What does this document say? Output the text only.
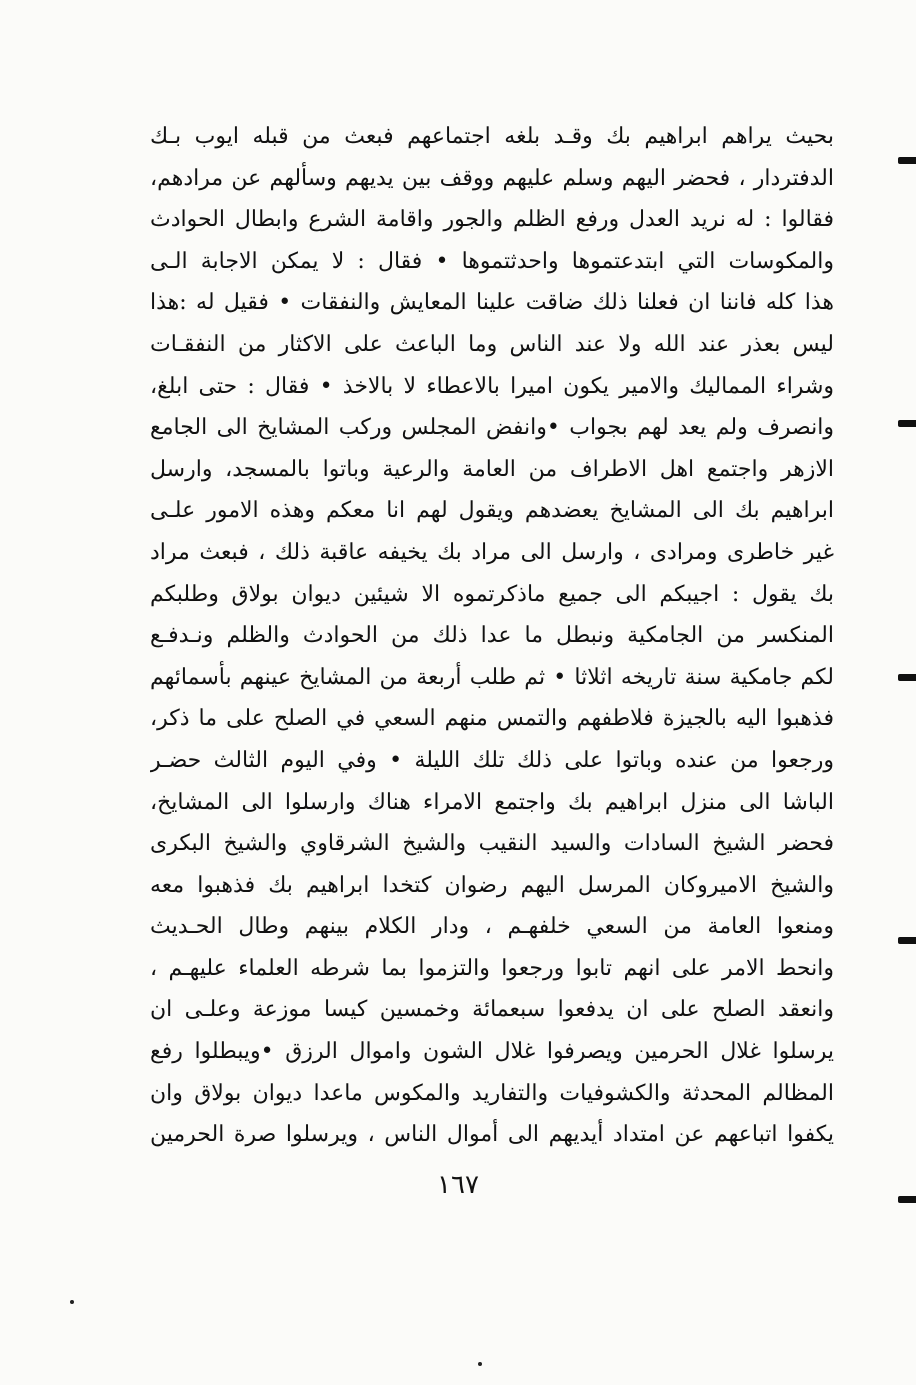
بحيث يراهم ابراهيم بك وقـد بلغه اجتماعهم فبعث من قبله ايوب بـك
الدفتردار ، فحضر اليهم وسلم عليهم ووقف بين يديهم وسألهم عن مرادهم،
فقالوا : له نريد العدل ورفع الظلم والجور واقامة الشرع وابطال الحوادث
والمكوسات التي ابتدعتموها واحدثتموها • فقال : لا يمكن الاجابة الـى
هذا كله فاننا ان فعلنا ذلك ضاقت علينا المعايش والنفقات • فقيل له :هذا
ليس بعذر عند الله ولا عند الناس وما الباعث على الاكثار من النفقـات
وشراء المماليك والامير يكون اميرا بالاعطاء لا بالاخذ • فقال : حتى ابلغ،
وانصرف ولم يعد لهم بجواب •وانفض المجلس وركب المشايخ الى الجامع
الازهر واجتمع اهل الاطراف من العامة والرعية وباتوا بالمسجد، وارسل
ابراهيم بك الى المشايخ يعضدهم ويقول لهم انا معكم وهذه الامور علـى
غير خاطرى ومرادى ، وارسل الى مراد بك يخيفه عاقبة ذلك ، فبعث مراد
بك يقول : اجيبكم الى جميع ماذكرتموه الا شيئين ديوان بولاق وطلبكم
المنكسر من الجامكية ونبطل ما عدا ذلك من الحوادث والظلم ونـدفـع
لكم جامكية سنة تاريخه اثلاثا • ثم طلب أربعة من المشايخ عينهم بأسمائهم
فذهبوا اليه بالجيزة فلاطفهم والتمس منهم السعي في الصلح على ما ذكر،
ورجعوا من عنده وباتوا على ذلك تلك الليلة • وفي اليوم الثالث حضـر
الباشا الى منزل ابراهيم بك واجتمع الامراء هناك وارسلوا الى المشايخ،
فحضر الشيخ السادات والسيد النقيب والشيخ الشرقاوي والشيخ البكرى
والشيخ الاميروكان المرسل اليهم رضوان كتخدا ابراهيم بك فذهبوا معه
ومنعوا العامة من السعي خلفهـم ، ودار الكلام بينهم وطال الحـديث
وانحط الامر على انهم تابوا ورجعوا والتزموا بما شرطه العلماء عليهـم ،
وانعقد الصلح على ان يدفعوا سبعمائة وخمسين كيسا موزعة وعلـى ان
يرسلوا غلال الحرمين ويصرفوا غلال الشون واموال الرزق •ويبطلوا رفع
المظالم المحدثة والكشوفيات والتفاريد والمكوس ماعدا ديوان بولاق وان
يكفوا اتباعهم عن امتداد أيديهم الى أموال الناس ، ويرسلوا صرة الحرمين
١٦٧
